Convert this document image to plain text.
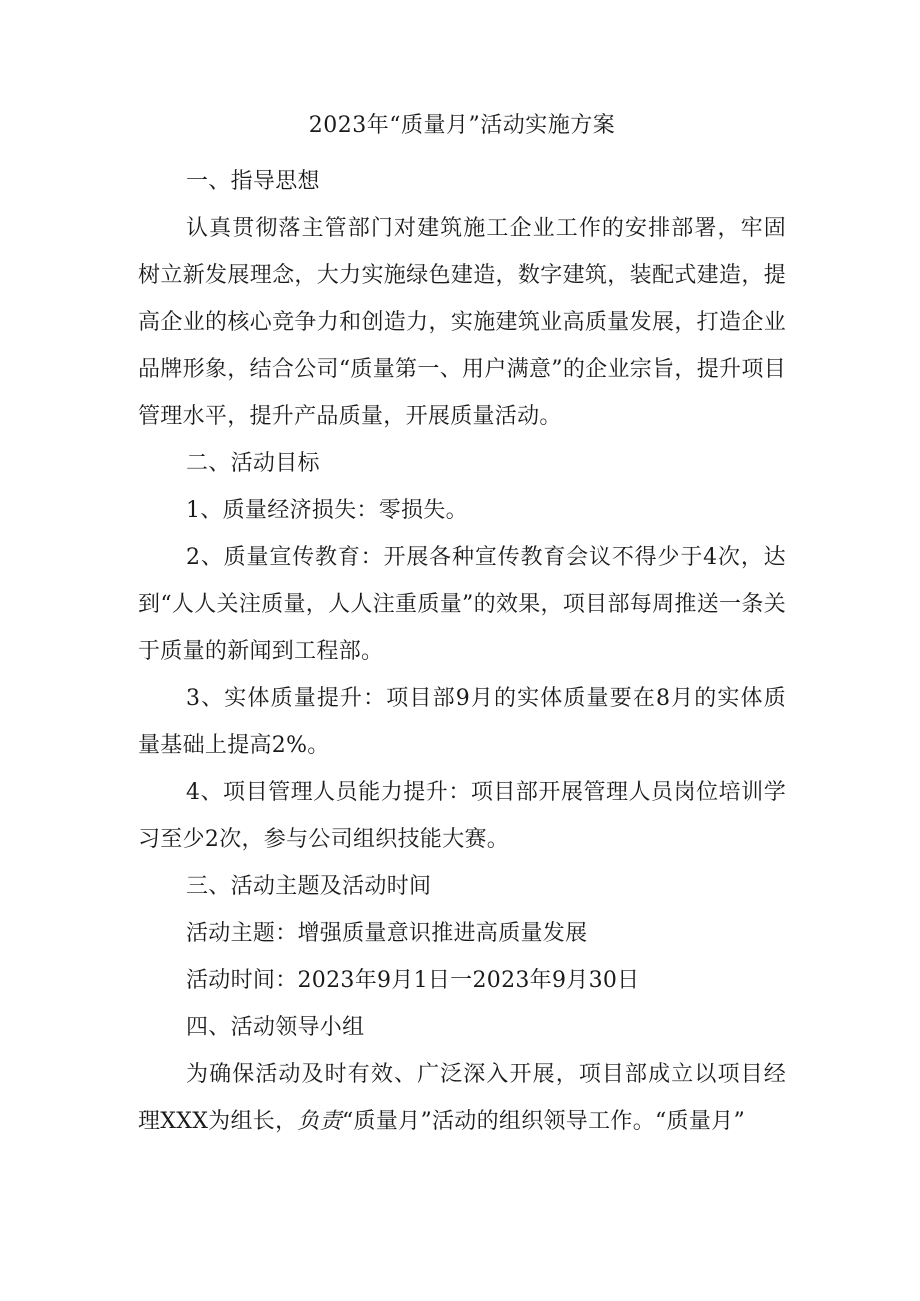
2023年“质量月”活动实施方案

一、指导思想

认真贯彻落主管部门对建筑施工企业工作的安排部署，牢固树立新发展理念，大力实施绿色建造，数字建筑，装配式建造，提高企业的核心竞争力和创造力，实施建筑业高质量发展，打造企业品牌形象，结合公司“质量第一、用户满意”的企业宗旨，提升项目管理水平，提升产品质量，开展质量活动。

二、活动目标

1、质量经济损失：零损失。

2、质量宣传教育：开展各种宣传教育会议不得少于4次，达到“人人关注质量，人人注重质量”的效果，项目部每周推送一条关于质量的新闻到工程部。

3、实体质量提升：项目部9月的实体质量要在8月的实体质量基础上提高2%。

4、项目管理人员能力提升：项目部开展管理人员岗位培训学习至少2次，参与公司组织技能大赛。

三、活动主题及活动时间

活动主题：增强质量意识推进高质量发展

活动时间：2023年9月1日一2023年9月30日

四、活动领导小组

为确保活动及时有效、广泛深入开展，项目部成立以项目经理XXX为组长，负责“质量月”活动的组织领导工作。“质量月”
